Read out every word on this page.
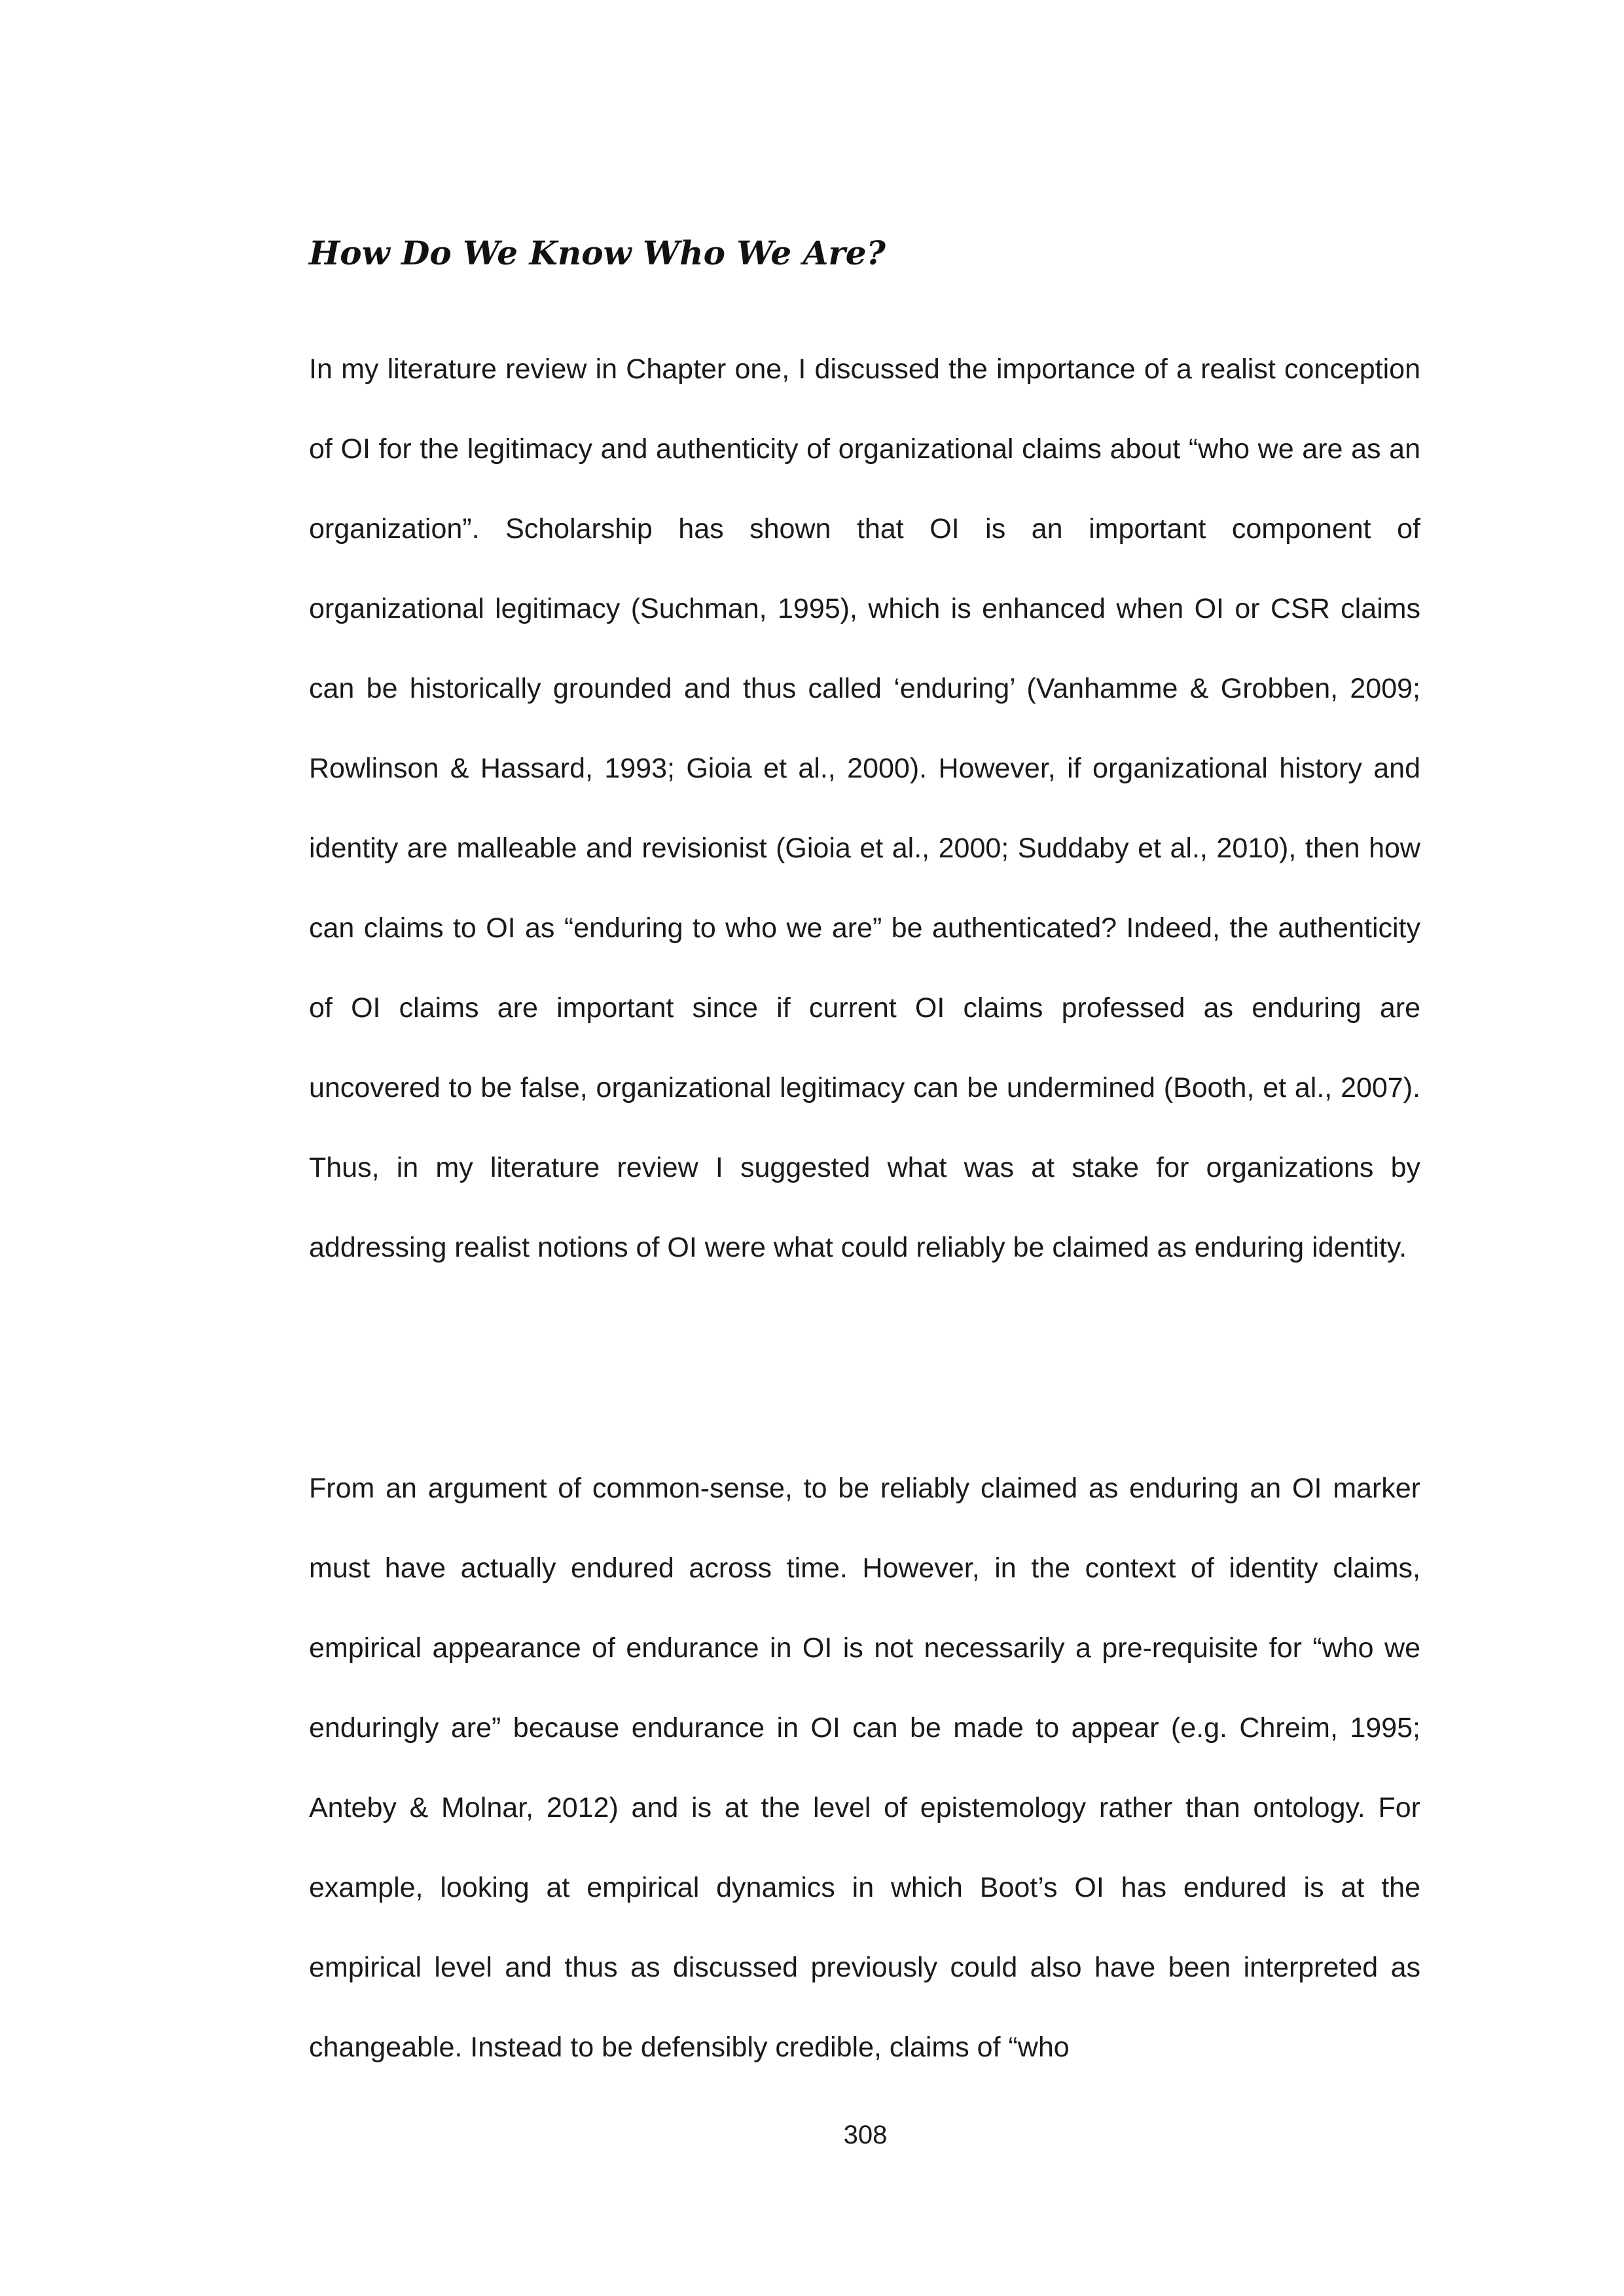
How Do We Know Who We Are?

In my literature review in Chapter one, I discussed the importance of a realist conception of OI for the legitimacy and authenticity of organizational claims about “who we are as an organization”. Scholarship has shown that OI is an important component of organizational legitimacy (Suchman, 1995), which is enhanced when OI or CSR claims can be historically grounded and thus called ‘enduring’ (Vanhamme & Grobben, 2009; Rowlinson & Hassard, 1993; Gioia et al., 2000). However, if organizational history and identity are malleable and revisionist (Gioia et al., 2000; Suddaby et al., 2010), then how can claims to OI as “enduring to who we are” be authenticated? Indeed, the authenticity of OI claims are important since if current OI claims professed as enduring are uncovered to be false, organizational legitimacy can be undermined (Booth, et al., 2007). Thus, in my literature review I suggested what was at stake for organizations by addressing realist notions of OI were what could reliably be claimed as enduring identity.

From an argument of common-sense, to be reliably claimed as enduring an OI marker must have actually endured across time. However, in the context of identity claims, empirical appearance of endurance in OI is not necessarily a pre-requisite for “who we enduringly are” because endurance in OI can be made to appear (e.g. Chreim, 1995; Anteby & Molnar, 2012) and is at the level of epistemology rather than ontology. For example, looking at empirical dynamics in which Boot’s OI has endured is at the empirical level and thus as discussed previously could also have been interpreted as changeable. Instead to be defensibly credible, claims of “who

308
